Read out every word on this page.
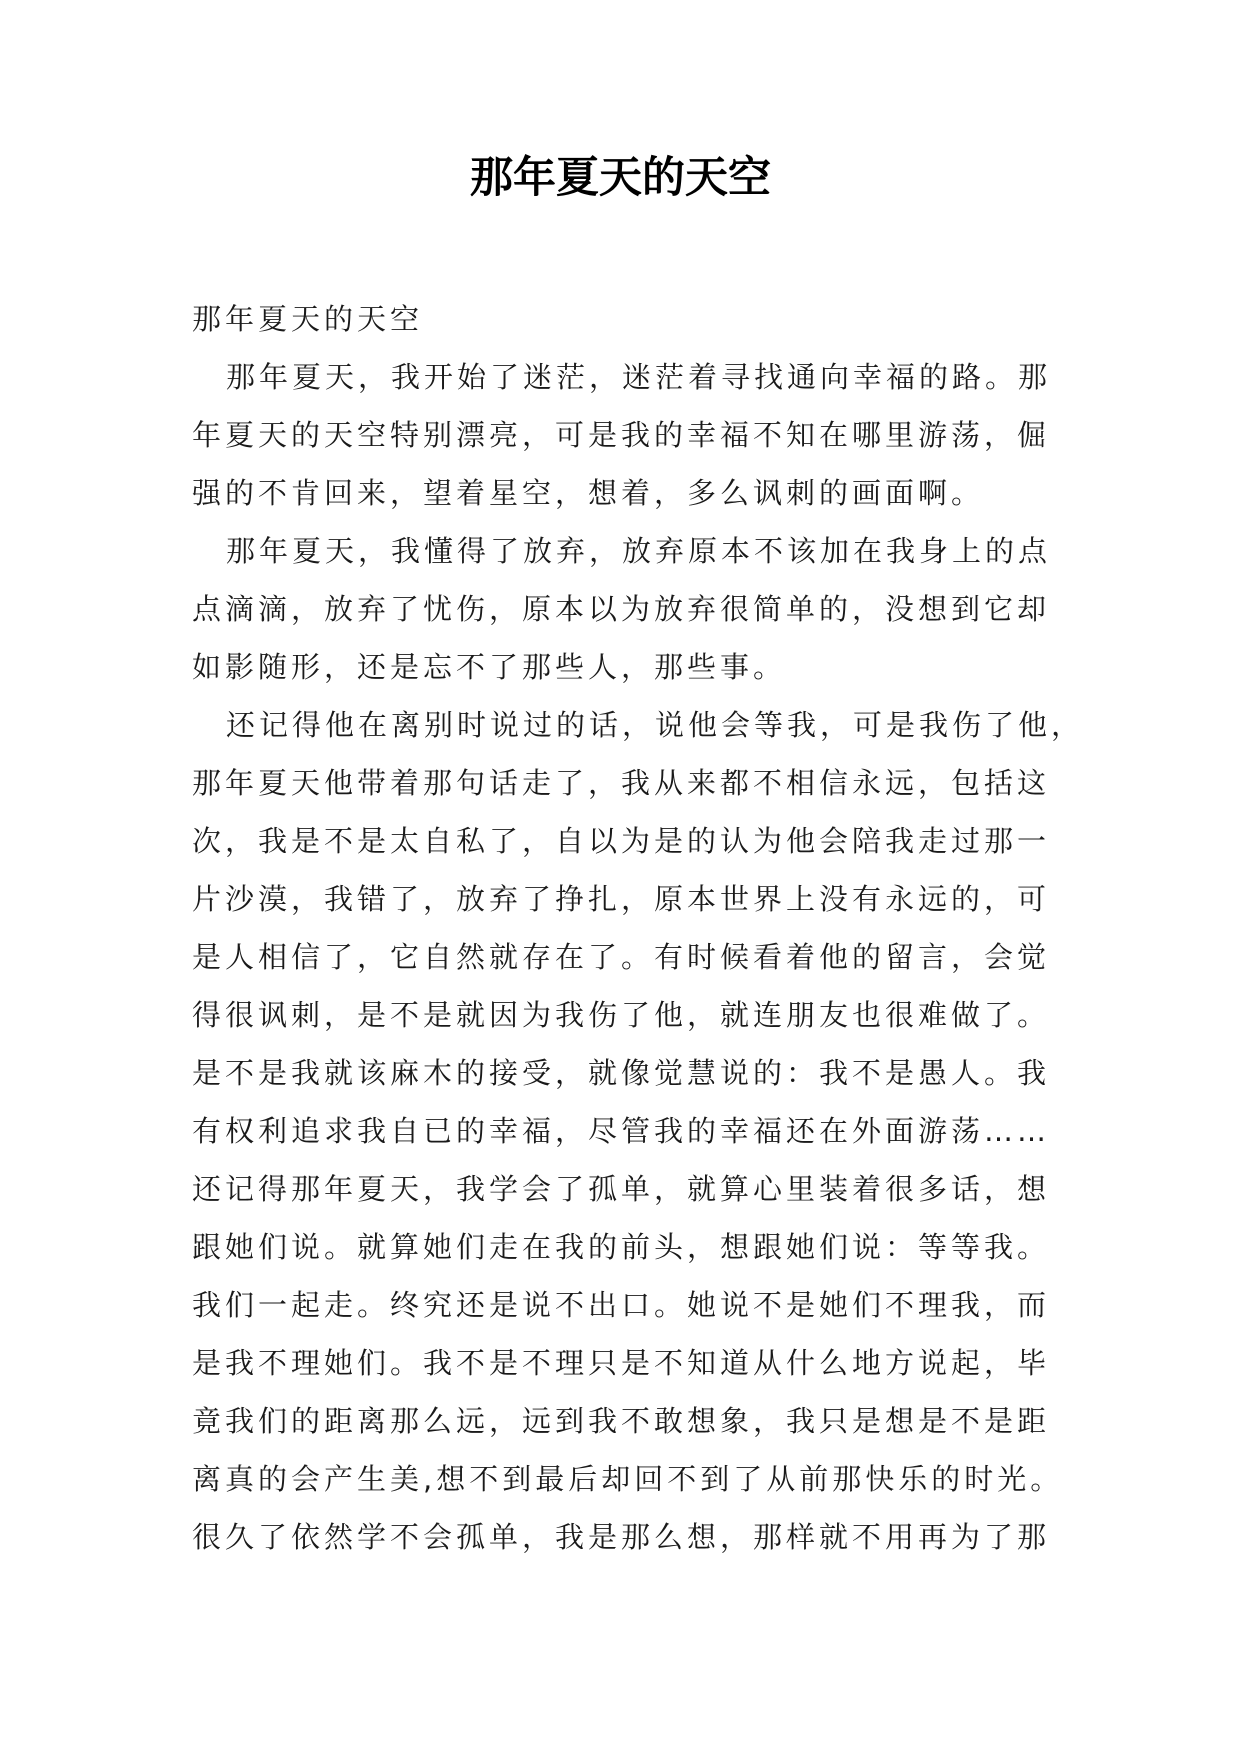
那年夏天的天空
那年夏天的天空
那年夏天，我开始了迷茫，迷茫着寻找通向幸福的路。那
年夏天的天空特别漂亮，可是我的幸福不知在哪里游荡，倔
强的不肯回来，望着星空，想着，多么讽刺的画面啊。
那年夏天，我懂得了放弃，放弃原本不该加在我身上的点
点滴滴，放弃了忧伤，原本以为放弃很简单的，没想到它却
如影随形，还是忘不了那些人，那些事。
还记得他在离别时说过的话，说他会等我，可是我伤了他，
那年夏天他带着那句话走了，我从来都不相信永远，包括这
次，我是不是太自私了，自以为是的认为他会陪我走过那一
片沙漠，我错了，放弃了挣扎，原本世界上没有永远的，可
是人相信了，它自然就存在了。有时候看着他的留言，会觉
得很讽刺，是不是就因为我伤了他，就连朋友也很难做了。
是不是我就该麻木的接受，就像觉慧说的：我不是愚人。我
有权利追求我自已的幸福，尽管我的幸福还在外面游荡……
还记得那年夏天，我学会了孤单，就算心里装着很多话，想
跟她们说。就算她们走在我的前头，想跟她们说：等等我。
我们一起走。终究还是说不出口。她说不是她们不理我，而
是我不理她们。我不是不理只是不知道从什么地方说起，毕
竟我们的距离那么远，远到我不敢想象，我只是想是不是距
离真的会产生美,想不到最后却回不到了从前那快乐的时光。
很久了依然学不会孤单，我是那么想，那样就不用再为了那
